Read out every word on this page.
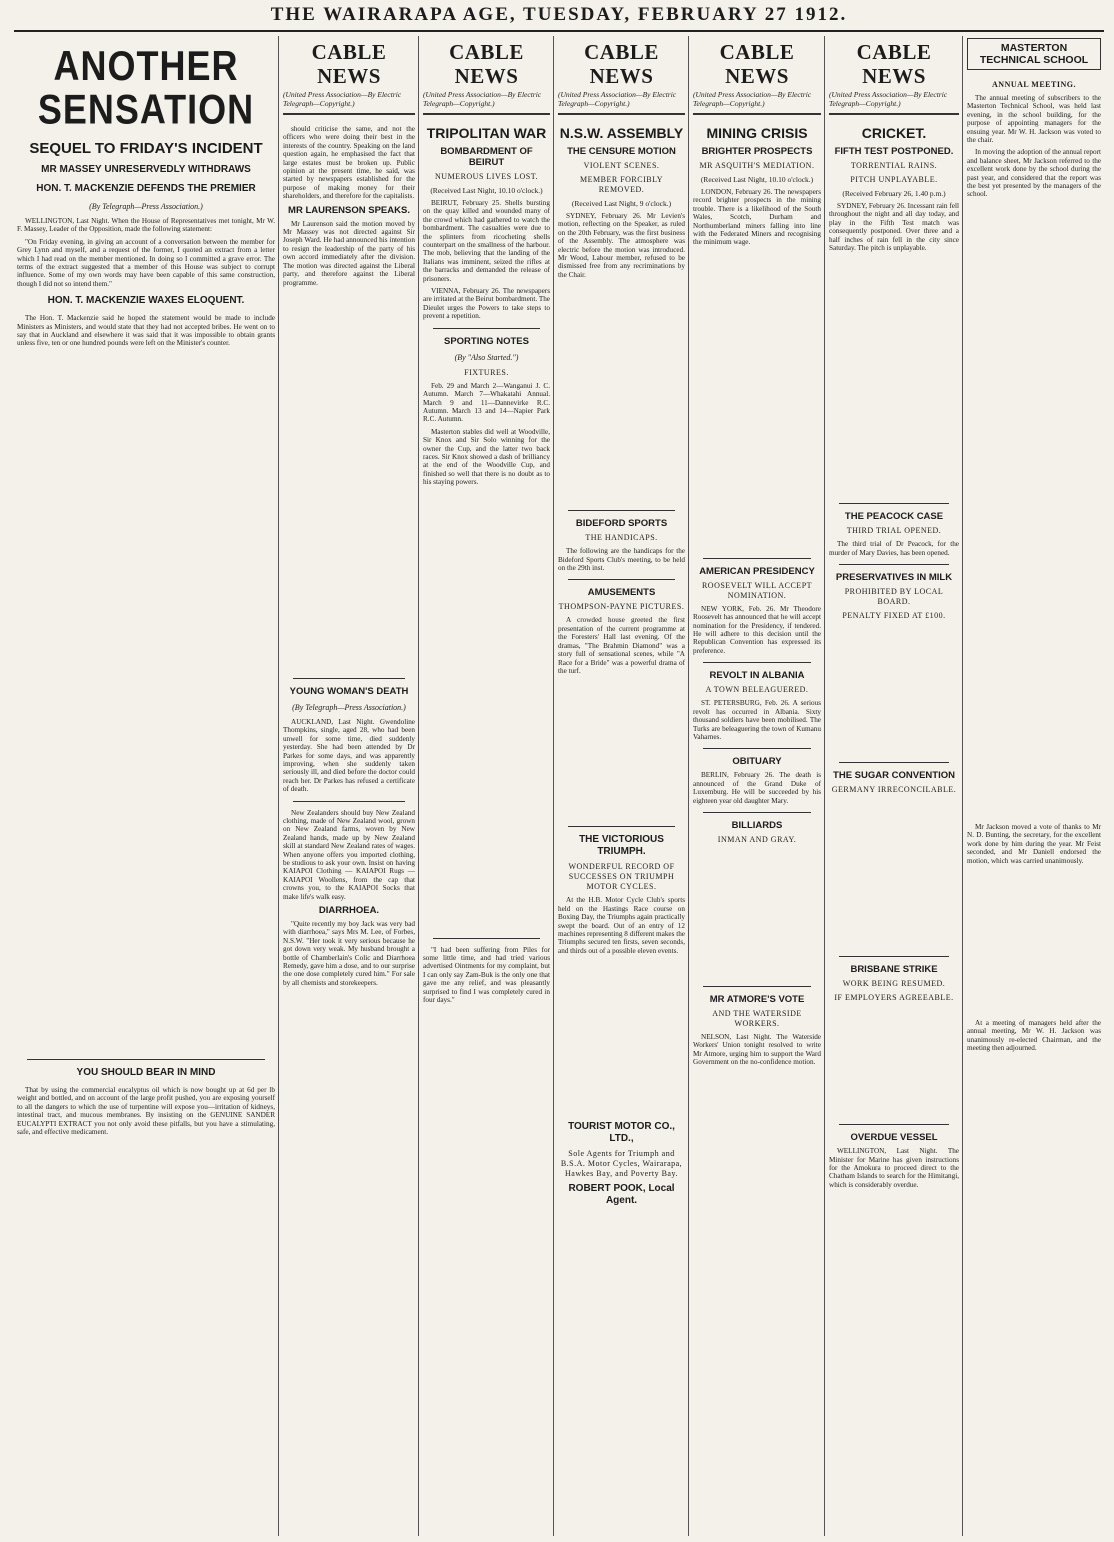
THE WAIRARAPA AGE, TUESDAY, FEBRUARY 27 1912.
ANOTHER SENSATION
SEQUEL TO FRIDAY'S INCIDENT
MR MASSEY UNRESERVEDLY WITHDRAWS
HON. T. MACKENZIE DEFENDS THE PREMIER
(By Telegraph—Press Association.)

WELLINGTON, Last Night. When the House of Representatives met tonight, Mr W. F. Massey, Leader of the Opposition, made the following statement:

"On Friday evening, in giving an account of a conversation between the member for Grey Lynn and myself, and a request of the former, I quoted an extract from a letter which I had read on the member mentioned. In doing so I committed a grave error. The terms of the extract suggested that a member of this House was subject to corrupt influence. Some of my own words may have been capable of this same construction, though I did not so intend them."

HON. T. MACKENZIE WAXES ELOQUENT.

The Hon. T. Mackenzie said he hoped the statement would be made to include Ministers as Ministers, and would state that they had not accepted bribes. He went on to say that in Auckland and elsewhere it was said that it was impossible to obtain grants unless five, ten or one hundred pounds were left on the Minister's counter.

YOU SHOULD BEAR IN MIND

That by using the commercial eucalyptus oil which is now bought up at 6d per lb weight and bottled, and on account of the large profit pushed, you are exposing yourself to all the dangers to which the use of turpentine will expose you—irritation of kidneys, intestinal tract, and mucous membranes. By insisting on the GENUINE SANDER EUCALYPTI EXTRACT you not only avoid these pitfalls, but you have a stimulating, safe, and effective medicament.

CABLE NEWS
(United Press Association—By Electric Telegraph—Copyright.)

should criticise the same, and not the officers who were doing their best in the interests of the country. Speaking on the land question again, he emphasised the fact that large estates must be broken up. Public opinion at the present time, he said, was started by newspapers established for the purpose of making money for their shareholders, and therefore for the capitalists.

MR LAURENSON SPEAKS.

Mr Laurenson said the motion moved by Mr Massey was not directed against Sir Joseph Ward. He had announced his intention to resign the leadership of the party of his own accord immediately after the division. The motion was directed against the Liberal party, and therefore against the Liberal programme.

YOUNG WOMAN'S DEATH
(By Telegraph—Press Association.)

AUCKLAND, Last Night. Gwendoline Thompkins, single, aged 28, who had been unwell for some time, died suddenly yesterday. She had been attended by Dr Parkes for some days, and was apparently improving, when she suddenly taken seriously ill, and died before the doctor could reach her. Dr Parkes has refused a certificate of death.

New Zealanders should buy New Zealand clothing, made of New Zealand wool, grown on New Zealand farms, woven by New Zealand hands, made up by New Zealand skill at standard New Zealand rates of wages. When anyone offers you imported clothing, be studious to ask your own. Insist on having KAIAPOI Clothing — KAIAPOI Rugs — KAIAPOI Woollens, from the cap that crowns you, to the KAIAPOI Socks that make life's walk easy.

DIARRHOEA.

"Quite recently my boy Jack was very bad with diarrhoea," says Mrs M. Lee, of Forbes, N.S.W. "Her took it very serious because he got down very weak. My husband brought a bottle of Chamberlain's Colic and Diarrhoea Remedy, gave him a dose, and to our surprise the one dose completely cured him." For sale by all chemists and storekeepers.

CABLE NEWS
(United Press Association—By Electric Telegraph—Copyright.)
TRIPOLITAN WAR
BOMBARDMENT OF BEIRUT
NUMEROUS LIVES LOST.
(Received Last Night, 10.10 o'clock.)

BEIRUT, February 25. Shells bursting on the quay killed and wounded many of the crowd which had gathered to watch the bombardment. The casualties were due to the splinters from ricocheting shells counterpart on the smallness of the harbour. The mob, believing that the landing of the Italians was imminent, seized the rifles at the barracks and demanded the release of prisoners.

VIENNA, February 26. The newspapers are irritated at the Beirut bombardment. The Dieulet urges the Powers to take steps to prevent a repetition.

SPORTING NOTES
(By "Also Started.")
FIXTURES.

Feb. 29 and March 2—Wanganui J. C. Autumn. March 7—Whakatahi Annual. March 9 and 11—Dannevirke R.C. Autumn. March 13 and 14—Napier Park R.C. Autumn.

Masterton stables did well at Woodville, Sir Knox and Sir Solo winning for the owner the Cup, and the latter two back races. Sir Knox showed a dash of brilliancy at the end of the Woodville Cup, and finished so well that there is no doubt as to his staying powers.

"I had been suffering from Piles for some little time, and had tried various advertised Ointments for my complaint, but I can only say Zam-Buk is the only one that gave me any relief, and was pleasantly surprised to find I was completely cured in four days."

CABLE NEWS
(United Press Association—By Electric Telegraph—Copyright.)
N.S.W. ASSEMBLY
THE CENSURE MOTION
VIOLENT SCENES.
MEMBER FORCIBLY REMOVED.
(Received Last Night, 9 o'clock.)

SYDNEY, February 26. Mr Levien's motion, reflecting on the Speaker, as ruled on the 20th February, was the first business of the Assembly. The atmosphere was electric before the motion was introduced. Mr Wood, Labour member, refused to be dismissed free from any recriminations by the Chair.

BIDEFORD SPORTS
THE HANDICAPS.

The following are the handicaps for the Bideford Sports Club's meeting, to be held on the 29th inst.

AMUSEMENTS
THOMPSON-PAYNE PICTURES.

A crowded house greeted the first presentation of the current programme at the Foresters' Hall last evening. Of the dramas, "The Brahmin Diamond" was a story full of sensational scenes, while "A Race for a Bride" was a powerful drama of the turf.

THE VICTORIOUS TRIUMPH.
WONDERFUL RECORD OF SUCCESSES ON TRIUMPH MOTOR CYCLES.

At the H.B. Motor Cycle Club's sports held on the Hastings Race course on Boxing Day, the Triumphs again practically swept the board. Out of an entry of 12 machines representing 8 different makes the Triumphs secured ten firsts, seven seconds, and thirds out of a possible eleven events.

TOURIST MOTOR CO., LTD.,
Sole Agents for Triumph and B.S.A. Motor Cycles, Wairarapa, Hawkes Bay, and Poverty Bay.
ROBERT POOK, Local Agent.
CABLE NEWS
(United Press Association—By Electric Telegraph—Copyright.)
MINING CRISIS
BRIGHTER PROSPECTS
MR ASQUITH'S MEDIATION.
(Received Last Night, 10.10 o'clock.)

LONDON, February 26. The newspapers record brighter prospects in the mining trouble. There is a likelihood of the South Wales, Scotch, Durham and Northumberland miners falling into line with the Federated Miners and recognising the minimum wage.

AMERICAN PRESIDENCY
ROOSEVELT WILL ACCEPT NOMINATION.

NEW YORK, Feb. 26. Mr Theodore Roosevelt has announced that he will accept nomination for the Presidency, if tendered. He will adhere to this decision until the Republican Convention has expressed its preference.

REVOLT IN ALBANIA
A TOWN BELEAGUERED.

ST. PETERSBURG, Feb. 26. A serious revolt has occurred in Albania. Sixty thousand soldiers have been mobilised. The Turks are beleaguering the town of Kumanu Vaharnes.

OBITUARY

BERLIN, February 26. The death is announced of the Grand Duke of Luxemburg. He will be succeeded by his eighteen year old daughter Mary.

BILLIARDS
INMAN AND GRAY.
MR ATMORE'S VOTE
AND THE WATERSIDE WORKERS.

NELSON, Last Night. The Waterside Workers' Union tonight resolved to write Mr Atmore, urging him to support the Ward Government on the no-confidence motion.

CABLE NEWS
(United Press Association—By Electric Telegraph—Copyright.)
CRICKET.
FIFTH TEST POSTPONED.
TORRENTIAL RAINS.
PITCH UNPLAYABLE.
(Received February 26, 1.40 p.m.)

SYDNEY, February 26. Incessant rain fell throughout the night and all day today, and play in the Fifth Test match was consequently postponed. Over three and a half inches of rain fell in the city since Saturday. The pitch is unplayable.

THE PEACOCK CASE
THIRD TRIAL OPENED.

The third trial of Dr Peacock, for the murder of Mary Davies, has been opened.

PRESERVATIVES IN MILK
PROHIBITED BY LOCAL BOARD.
PENALTY FIXED AT £100.
THE SUGAR CONVENTION
GERMANY IRRECONCILABLE.
BRISBANE STRIKE
WORK BEING RESUMED.
IF EMPLOYERS AGREEABLE.
OVERDUE VESSEL

WELLINGTON, Last Night. The Minister for Marine has given instructions for the Amokura to proceed direct to the Chatham Islands to search for the Himitangi, which is considerably overdue.

MASTERTON TECHNICAL SCHOOL
ANNUAL MEETING.

The annual meeting of subscribers to the Masterton Technical School, was held last evening, in the school building, for the purpose of appointing managers for the ensuing year. Mr W. H. Jackson was voted to the chair.

In moving the adoption of the annual report and balance sheet, Mr Jackson referred to the excellent work done by the school during the past year, and considered that the report was the best yet presented by the managers of the school.

Mr Jackson moved a vote of thanks to Mr N. D. Bunting, the secretary, for the excellent work done by him during the year. Mr Feist seconded, and Mr Daniell endorsed the motion, which was carried unanimously.

At a meeting of managers held after the annual meeting, Mr W. H. Jackson was unanimously re-elected Chairman, and the meeting then adjourned.
